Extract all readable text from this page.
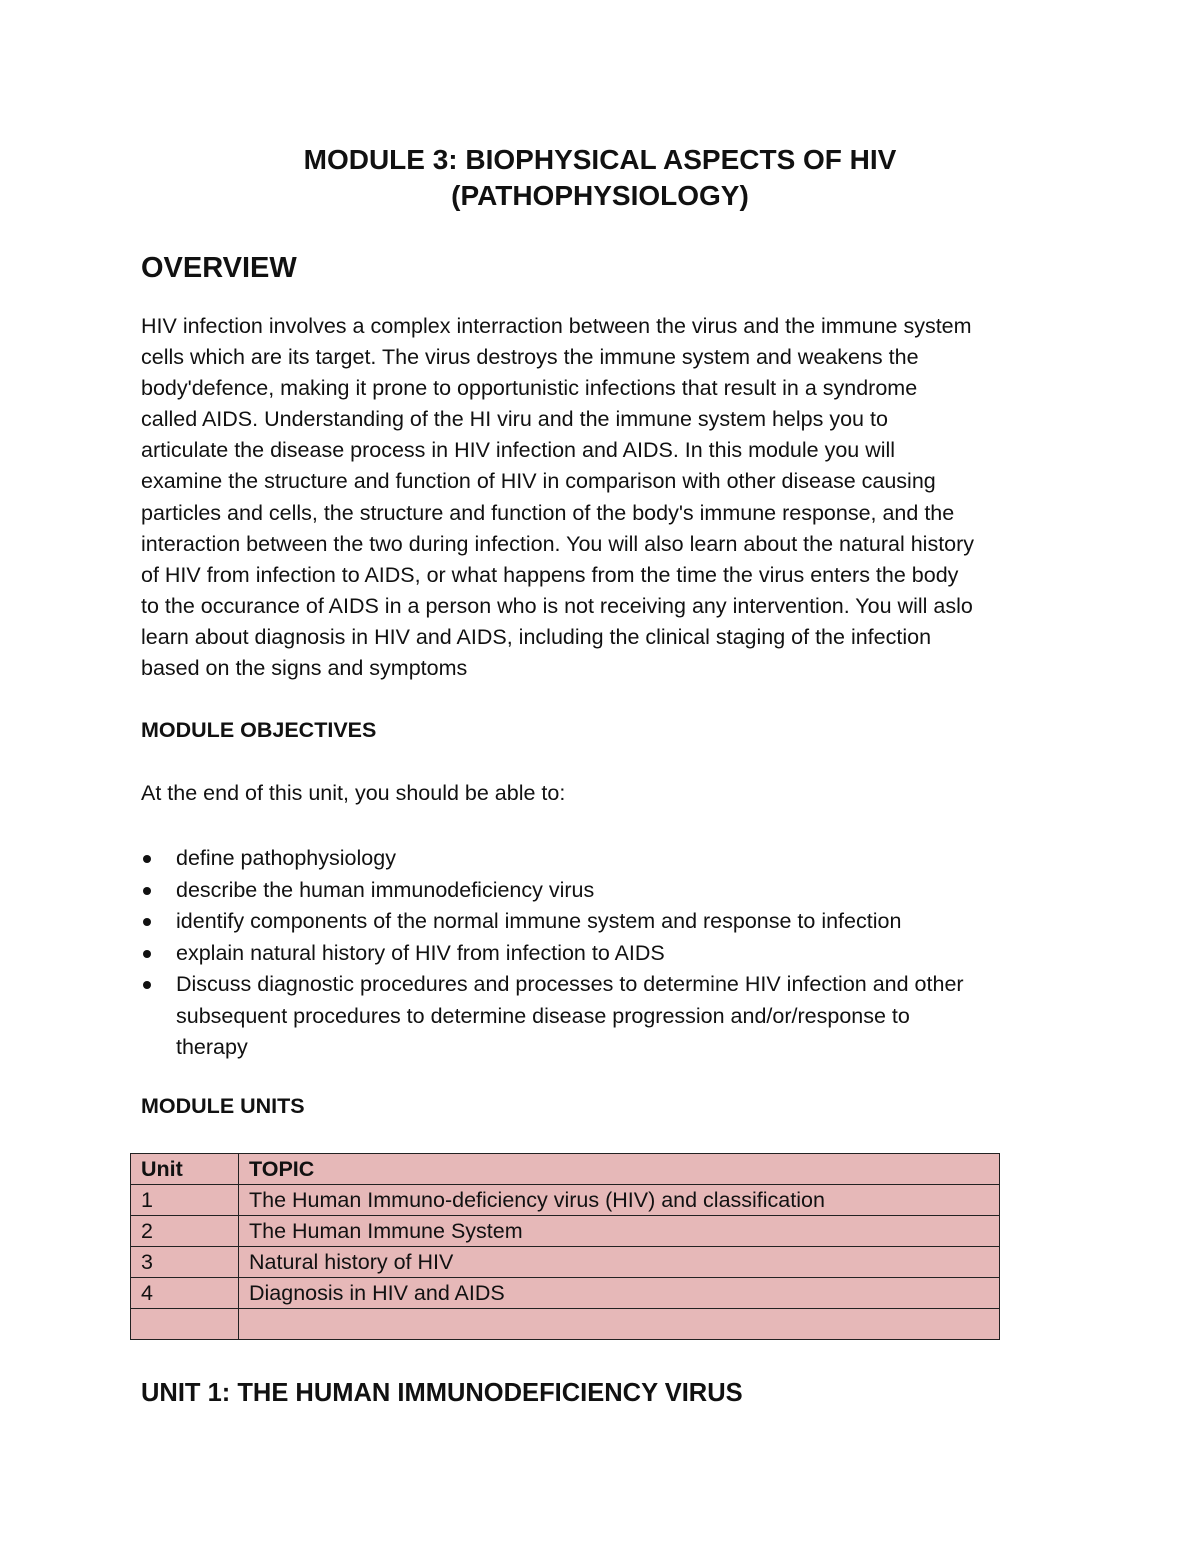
MODULE 3: BIOPHYSICAL ASPECTS OF HIV
(PATHOPHYSIOLOGY)
OVERVIEW
HIV infection involves a complex interraction between the virus and the immune system
cells which are its target. The virus destroys the immune system and weakens the
body'defence, making it prone to opportunistic infections that result in a syndrome
called AIDS. Understanding of the HI viru and the immune system helps you to
articulate the disease process in HIV infection and AIDS. In this module you will
examine the structure and function of HIV in comparison with other disease causing
particles and cells, the structure and function of the body's immune response, and the
interaction between the two during infection. You will also learn about the natural history
of HIV from infection to AIDS, or what happens from the time the virus enters the body
to the occurance of AIDS in a person who is not receiving any intervention. You will aslo
learn about diagnosis in HIV and AIDS, including the clinical staging of the infection
based on the signs and symptoms
MODULE OBJECTIVES
At the end of this unit, you should be able to:
define pathophysiology
describe the human immunodeficiency virus
identify components of the normal immune system and response to infection
explain natural history of HIV from infection to AIDS
Discuss diagnostic procedures and processes to determine HIV infection and other
subsequent procedures to determine disease progression and/or/response to
therapy
MODULE UNITS
Unit	TOPIC
1	The Human Immuno-deficiency virus (HIV) and classification
2	The Human Immune System
3	Natural history of HIV
4	Diagnosis in HIV and AIDS

UNIT 1: THE HUMAN IMMUNODEFICIENCY VIRUS
